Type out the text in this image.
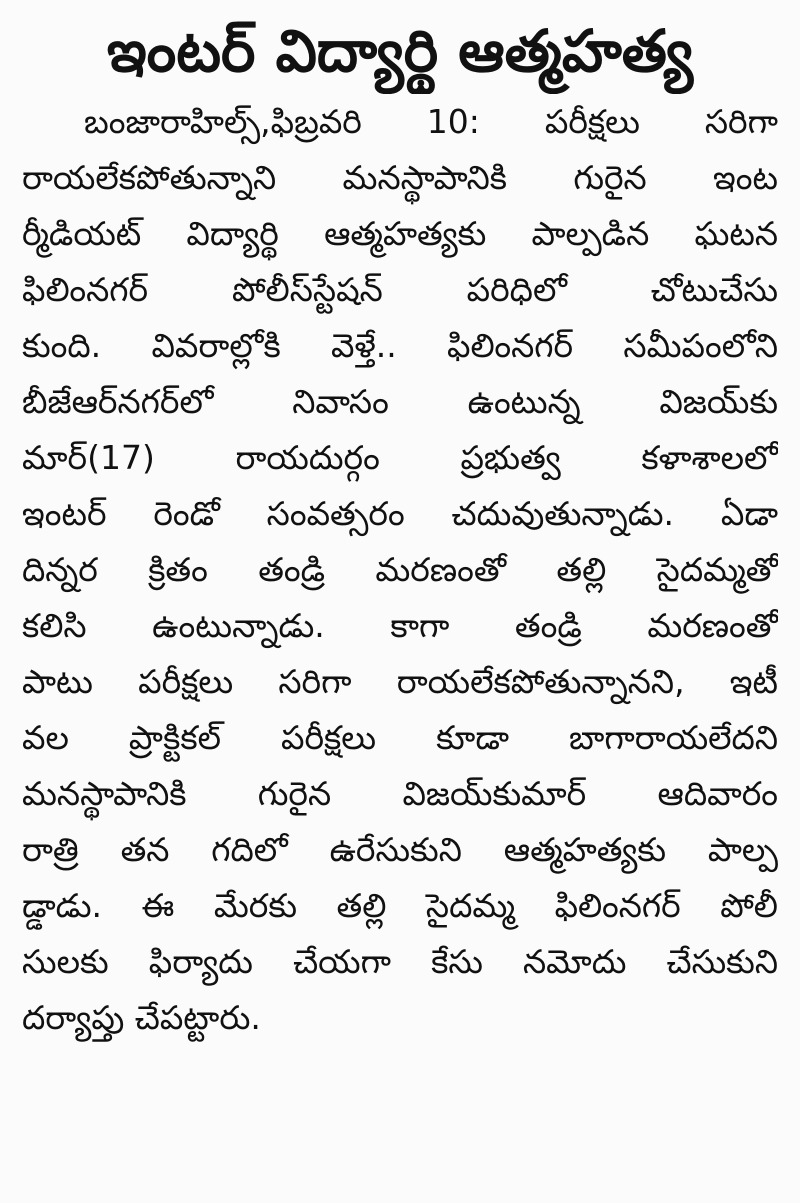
ఇంటర్ విద్యార్థి ఆత్మహత్య
బంజారాహిల్స్,ఫిబ్రవరి 10: పరీక్షలు సరిగా
రాయలేకపోతున్నాని మనస్థాపానికి గురైన ఇంట
ర్మీడియట్ విద్యార్థి ఆత్మహత్యకు పాల్పడిన ఘటన
ఫిలింనగర్ పోలీస్‌స్టేషన్ పరిధిలో చోటుచేసు
కుంది. వివరాల్లోకి వెళ్తే.. ఫిలింనగర్ సమీపంలోని
బీజేఆర్‌నగర్‌లో నివాసం ఉంటున్న విజయ్‌కు
మార్(17) రాయదుర్గం ప్రభుత్వ కళాశాలలో
ఇంటర్ రెండో సంవత్సరం చదువుతున్నాడు. ఏడా
దిన్నర క్రితం తండ్రి మరణంతో తల్లి సైదమ్మతో
కలిసి ఉంటున్నాడు. కాగా తండ్రి మరణంతో
పాటు పరీక్షలు సరిగా రాయలేకపోతున్నానని, ఇటీ
వల ప్రాక్టికల్ పరీక్షలు కూడా బాగారాయలేదని
మనస్థాపానికి గురైన విజయ్‌కుమార్ ఆదివారం
రాత్రి తన గదిలో ఉరేసుకుని ఆత్మహత్యకు పాల్ప
డ్డాడు. ఈ మేరకు తల్లి సైదమ్మ ఫిలింనగర్ పోలీ
సులకు ఫిర్యాదు చేయగా కేసు నమోదు చేసుకుని
దర్యాప్తు చేపట్టారు.
